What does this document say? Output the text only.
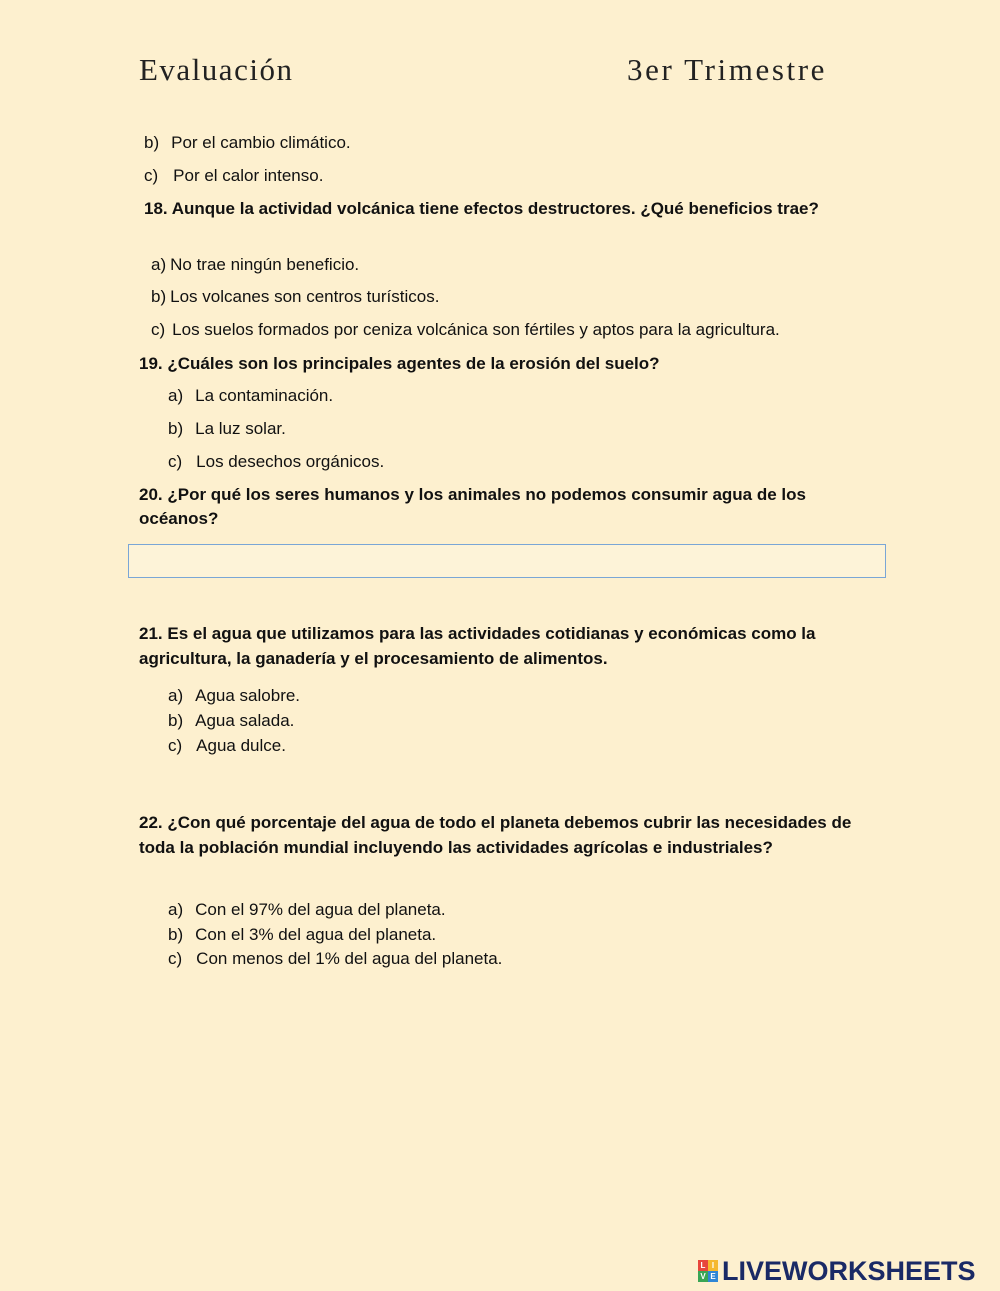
Evaluación	3er Trimestre
b) Por el cambio climático.
c) Por el calor intenso.
18. Aunque la actividad volcánica tiene efectos destructores. ¿Qué beneficios trae?
a) No trae ningún beneficio.
b) Los volcanes son centros turísticos.
c) Los suelos formados por ceniza volcánica son fértiles y aptos para la agricultura.
19. ¿Cuáles son los principales agentes de la erosión del suelo?
a) La contaminación.
b) La luz solar.
c) Los desechos orgánicos.
20. ¿Por qué los seres humanos y los animales no podemos consumir agua de los océanos?
21. Es el agua que utilizamos para las actividades cotidianas y económicas como la agricultura, la ganadería y el procesamiento de alimentos.
a) Agua salobre.
b) Agua salada.
c) Agua dulce.
22. ¿Con qué porcentaje del agua de todo el planeta debemos cubrir las necesidades de toda la población mundial incluyendo las actividades agrícolas e industriales?
a) Con el 97% del agua del planeta.
b) Con el 3% del agua del planeta.
c) Con menos del 1% del agua del planeta.
L I
V E LIVEWORKSHEETS
